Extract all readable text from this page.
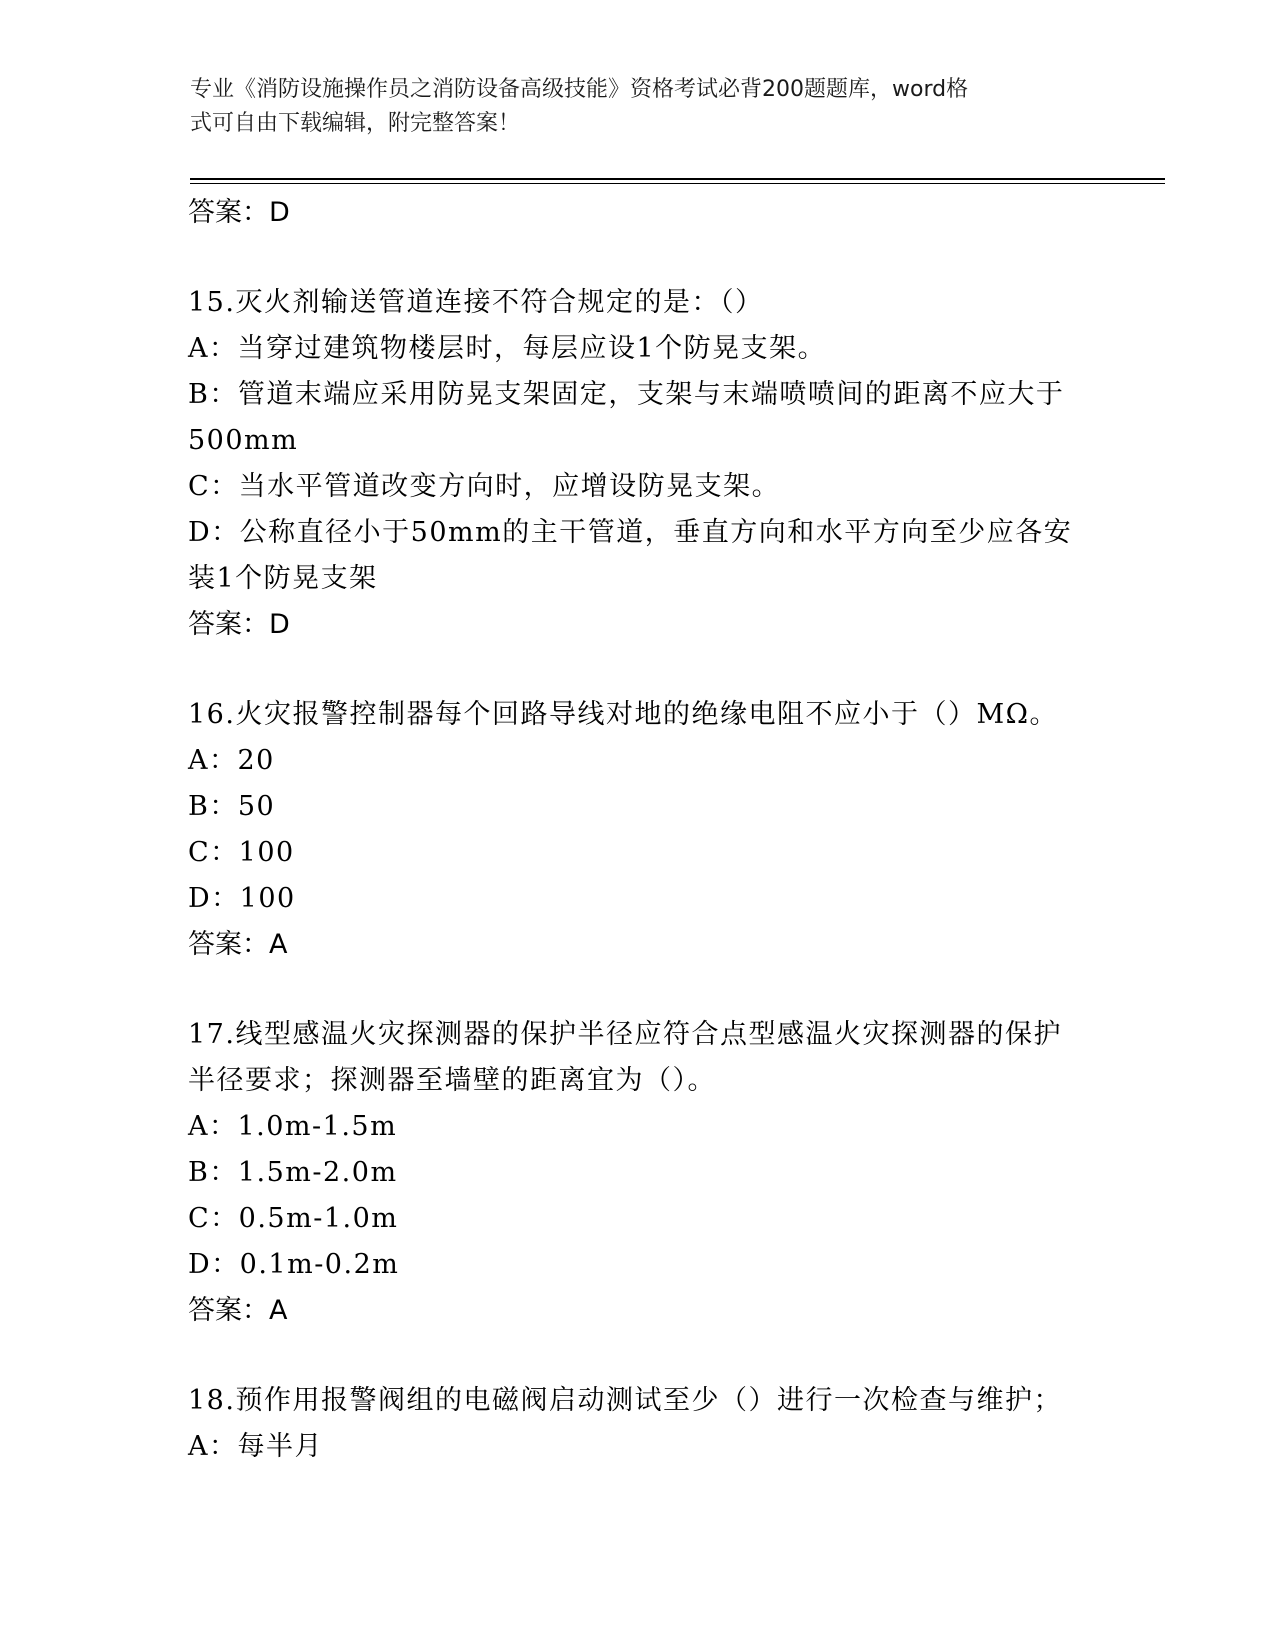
专业《消防设施操作员之消防设备高级技能》资格考试必背200题题库，word格
式可自由下载编辑，附完整答案！
答案：D
15.灭火剂输送管道连接不符合规定的是：（）
A：当穿过建筑物楼层时，每层应设1个防晃支架。
B：管道末端应采用防晃支架固定，支架与末端喷喷间的距离不应大于
500mm
C：当水平管道改变方向时，应增设防晃支架。
D：公称直径小于50mm的主干管道，垂直方向和水平方向至少应各安
装1个防晃支架
答案：D
16.火灾报警控制器每个回路导线对地的绝缘电阻不应小于（）MΩ。
A：20
B：50
C：100
D：100
答案：A
17.线型感温火灾探测器的保护半径应符合点型感温火灾探测器的保护
半径要求；探测器至墙壁的距离宜为（）。
A：1.0m-1.5m
B：1.5m-2.0m
C：0.5m-1.0m
D：0.1m-0.2m
答案：A
18.预作用报警阀组的电磁阀启动测试至少（）进行一次检查与维护；
A：每半月
